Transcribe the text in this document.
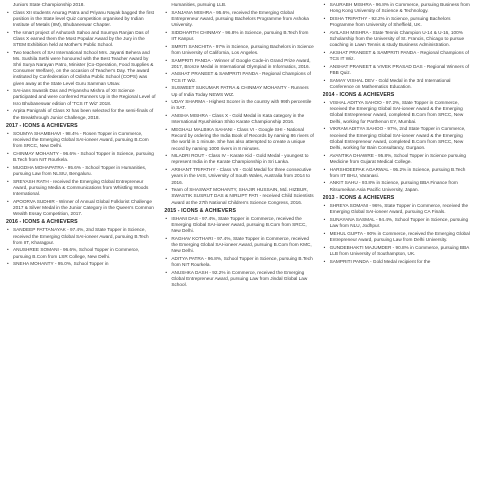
Juniors State Championship 2018.

• Class XII students Anurag Patra and Priyanu Nayak bagged the first position in the State level Quiz competition organised by Indian Institute of Metals (IIM), Bhubaneswar Chapter.
• The smart project of Ashutosh Sahoo and Soumya Ranjan Das of Class X earned them the Most Popular Award by the Jury in the STEM Exhibition held at Mother's Public School.
• Two teachers of SAI International School Mrs. Jayanti Behera and Ms. Sushila Sethi were honoured with the Best Teacher Award by Shri Surya Narayan Patro, Minister (Co-Operation, Food Supplies & Consumer Welfare), on the occasion of Teacher's Day. The award instituted by Confederation of Odisha Public School (COPS) was given away at the State Level Guru Samman Utsav.
• SAI-ians Swastik Das and Priyanshu Mishra of XII Science participated and were conferred Runners Up in the Regional Level of Isro Bhubaneswar edition of 'TCS IT Wiz' 2018.
• Arpita Panigrahi of Class XI has been selected for the semi-finals of the Breakthrough Junior Challenge, 2018.
2017 - ICONS & ACHIEVERS
• SOUMYA SHAMBHAVI - 98.4% - Rosen Topper in Commerce, received the Emerging Global SAI-ioneer Award, pursuing B.Com from SRCC, New Delhi.
• CHINMAY MOHANTY - 96.6% - School Topper in Science, pursuing B.Tech from NIT Rourkela.
• MUGDHA MOHAPATRA - 95.6% - School Topper in Humanities, pursuing Law from NLSIU, Bengaluru.
• SREYASH RATH - received the Emerging Global Entrepreneur Award, pursuing Media & Communications from Whistling Woods International.
• APOORVA SUDHIR - Winner of Annual Global Folklorist Challenge 2017 & Silver Medal in the Junior Category in the Queen's Common Wealth Essay Competition, 2017.
2016 - ICONS & ACHIEVERS
• SANDEEP PATTANAYAK - 97.4%, 2nd State Topper in Science, received the Emerging Global SAI-ioneer Award, pursuing B.Tech from IIT, Kharagpur.
• ANUSHREE SOMANI - 96.6%, School Topper in Commerce, pursuing B.Com from LSR College, New Delhi.
• SNEHA MOHANTY - 95.0%, School Topper in

Humanities, pursuing LLB.

• SANJANA MISHRA - 95.6%, received the Emerging Global Entrepreneur Award, pursuing Bachelors Programme from Ashoka University.
• SIDDHARTH CHINMAY - 96.8% in Science, pursuing B.Tech from IIT Kanpur.
• SMRITI SANCHITA - 97% in Science, pursuing Bachelors in Science from University of California, Los Angeles.
• SAMPRITI PANDA - Winner of Google Code-in Grand Prize Award, 2017, Bronze Medal in International Olympiad in Informatics, 2016.
• ANSHAT PRANEET & SAMPRITI PANDA - Regional Champions of TCS IT Wiz.
• SUSWEET SUKUMAR PATRA & CHINMAY MOHANTY - Runners Up of India Today NEWS WIZ.
• UDAY SHARMA - Highest Scorer in the country with 99th percentile in SAT.
• ANISHA MISHRA - Class X - Gold Medal in Kata category in the International Ryushinkan Shito Karate Championship 2016.
• MEGHALI MALBIKA SAHANI - Class VI - Google SHI - National Record by ordering the India Book of Records by naming 86 rivers of the world in 1 minute. She has also attempted to create a unique record by naming 1000 rivers in 8 minutes.
• NILADRI ROUT - Class IV - Karate Kid - Gold Medal - youngest to represent India in the Karate Championship in Sri Lanka.
• ARIHANT TRIPATHY - Class VII - Gold Medal for three consecutive years in the IAIS, University of South Wales, Australia from 2014 to 2016.
• Team of SHASWAT MOHANTY, SHAJIR HUSSAIN, Md. HIZBUR, SWASTIK SUSRUT DAS & NIRLIPT PATI - received Child Scientists Award at the 27th National Children's Science Congress, 2016.
2015 - ICONS & ACHIEVERS
• ISHANI DAS - 97.4%, State Topper in Commerce, received the Emerging Global SAI-ioneer Award, pursuing B.Com from SRCC, New Delhi.
• RAGHAV KOTHARI - 97.4%, State Topper in Commerce, received the Emerging Global SAI-ioneer Award, pursuing B.Com from KMC, New Delhi.
• ADITYA PATRA - 96.8%, School Topper in Science, pursuing B.Tech from NIT Rourkela.
• ANUSHKA DASH - 92.2% in Commerce, received the Emerging Global Entrepreneur Award, pursuing Law from Jindal Global Law School.
• SAURABH MISHRA - 96.8% in Commerce, pursuing Business from Hong Kong University of Science & Technology.
• DISHA TRIPATHY - 92.2% in Science, pursuing Bachelors Programme from University of Sheffield, UK.
• AVILASH MISHRA - State Tennis Champion U-14 & U-16, 100% Scholarship from the University of St. Francis, Chicago to pursue coaching in Lawn Tennis & study Business Administration.
• AKSHAT PRANEET & SAMPRITI PANDA - Regional Champions of TCS IT Wiz.
• ANSHAT PRANEET & VIVEK PRASAD DAS - Regional Winners of FBB Quiz.
• SAMAY VISHAL DEV - Gold Medal in the 3rd International Conference on Mathematics Education.
2014 - ICONS & ACHIEVERS
• VISHAL ADITYA SAHOO - 97.2%, State Topper in Commerce, received the Emerging Global SAI-ioneer Award & the Emerging Global Entrepreneur Award, completed B.Com from SRCC, New Delhi, working for Parthenon EY, Mumbai.
• VIKRAM ADITYA SAHOO - 97%, 2nd State Topper in Commerce, received the Emerging Global SAI-ioneer Award & the Emerging Global Entrepreneur Award, completed B.Com from SRCC, New Delhi, working for Bain Consultancy, Gurgaon.
• AVANTIKA DHAWRE - 95.8%, School Topper in Science pursuing Medicine from Gujarat Medical College.
• HARSHDEEPAK AGARWAL - 95.2% in Science, pursuing B.Tech from IIT BHU, Varanasi.
• ANKIT SAHU - 93.8% in Science, pursuing BBA Finance from Ritsumeikan Asia Pacific University, Japan.
2013 - ICONS & ACHIEVERS
• SHREYA SOMANI - 96%, State Topper in Commerce, received the Emerging Global SAI-ioneer Award, pursuing CA Finals.
• SUNAYANA SASMAL - 94.4%, School Topper in Science, pursuing Law from NLU, Jodhpur.
• MEHUL GUPTA - 90% in Commerce, received the Emerging Global Entrepreneur Award, pursuing Law from Delhi University.
• GUNDEBHAKTI MAJUMDER - 90.8% in Commerce, pursuing BBA LLB from University of Southampton, UK.
• SAMPRITI PANDA - Gold Medal recipient for the
